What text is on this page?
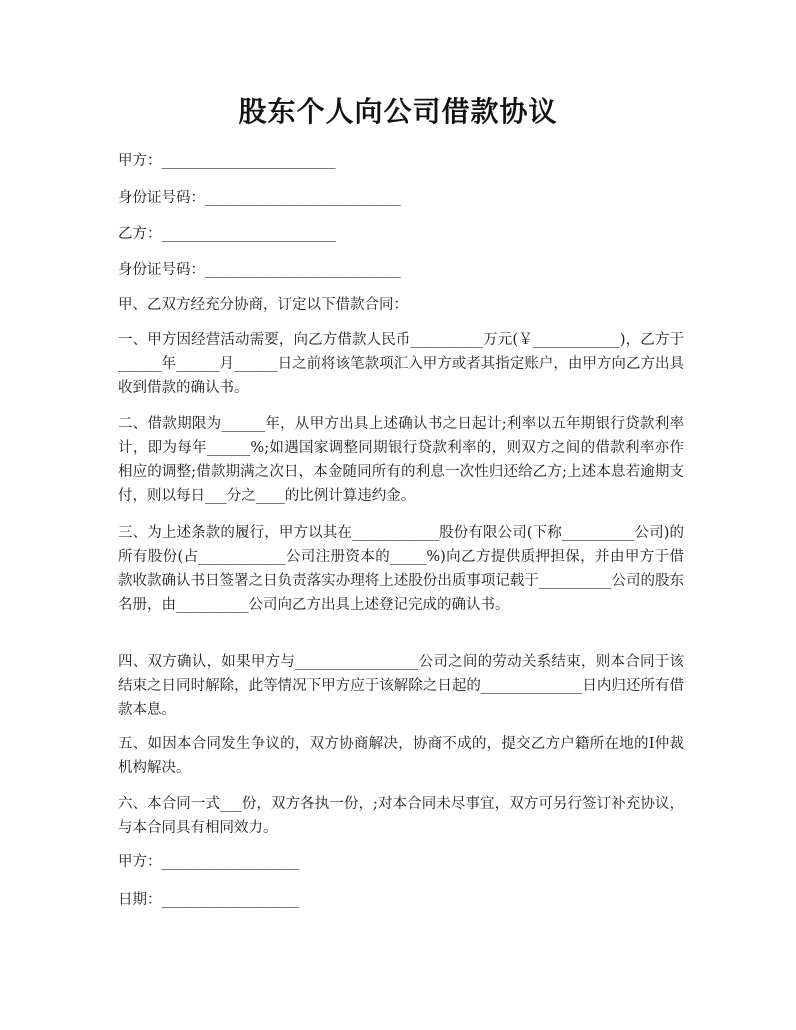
股东个人向公司借款协议
甲方：________________________
身份证号码：___________________________
乙方：________________________
身份证号码：___________________________
甲、乙双方经充分协商，订定以下借款合同：
一、甲方因经营活动需要，向乙方借款人民币__________万元(￥____________)，乙方于______年______月______日之前将该笔款项汇入甲方或者其指定账户，由甲方向乙方出具收到借款的确认书。
二、借款期限为______年，从甲方出具上述确认书之日起计;利率以五年期银行贷款利率计，即为每年______%;如遇国家调整同期银行贷款利率的，则双方之间的借款利率亦作相应的调整;借款期满之次日，本金随同所有的利息一次性归还给乙方;上述本息若逾期支付，则以每日___分之____的比例计算违约金。
三、为上述条款的履行，甲方以其在____________股份有限公司(下称__________公司)的所有股份(占____________公司注册资本的_____%)向乙方提供质押担保，并由甲方于借款收款确认书日签署之日负责落实办理将上述股份出质事项记载于__________公司的股东名册，由__________公司向乙方出具上述登记完成的确认书。
四、双方确认，如果甲方与_________________公司之间的劳动关系结束，则本合同于该结束之日同时解除，此等情况下甲方应于该解除之日起的______________日内归还所有借款本息。
五、如因本合同发生争议的，双方协商解决，协商不成的，提交乙方户籍所在地的I仲裁机构解决。
六、本合同一式___份，双方各执一份，;对本合同未尽事宜，双方可另行签订补充协议，与本合同具有相同效力。
甲方：___________________
日期：___________________
